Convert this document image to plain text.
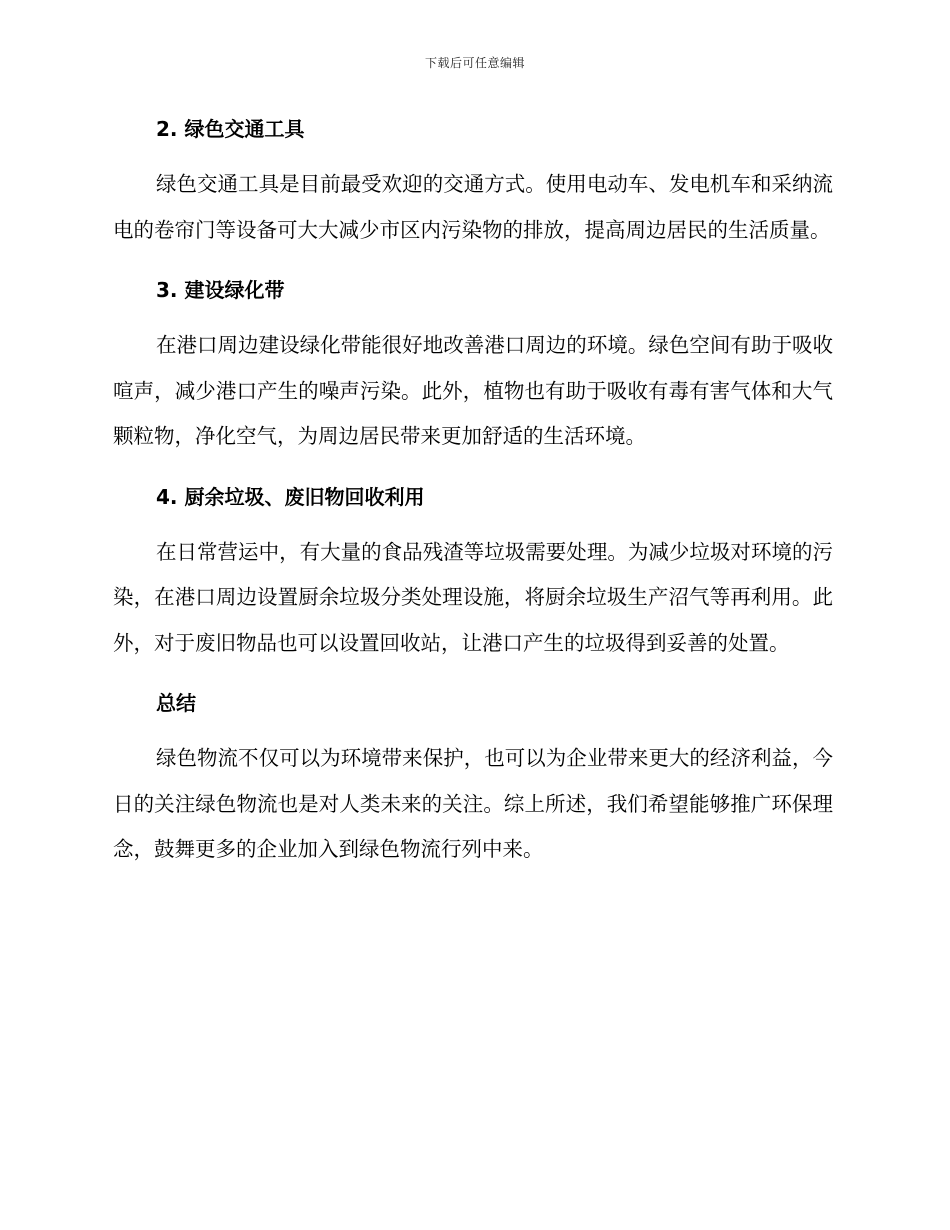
下载后可任意编辑
2. 绿色交通工具

绿色交通工具是目前最受欢迎的交通方式。使用电动车、发电机车和采纳流电的卷帘门等设备可大大减少市区内污染物的排放，提高周边居民的生活质量。

3. 建设绿化带

在港口周边建设绿化带能很好地改善港口周边的环境。绿色空间有助于吸收喧声，减少港口产生的噪声污染。此外，植物也有助于吸收有毒有害气体和大气颗粒物，净化空气，为周边居民带来更加舒适的生活环境。

4. 厨余垃圾、废旧物回收利用

在日常营运中，有大量的食品残渣等垃圾需要处理。为减少垃圾对环境的污染，在港口周边设置厨余垃圾分类处理设施，将厨余垃圾生产沼气等再利用。此外，对于废旧物品也可以设置回收站，让港口产生的垃圾得到妥善的处置。

总结

绿色物流不仅可以为环境带来保护，也可以为企业带来更大的经济利益，今日的关注绿色物流也是对人类未来的关注。综上所述，我们希望能够推广环保理念，鼓舞更多的企业加入到绿色物流行列中来。
